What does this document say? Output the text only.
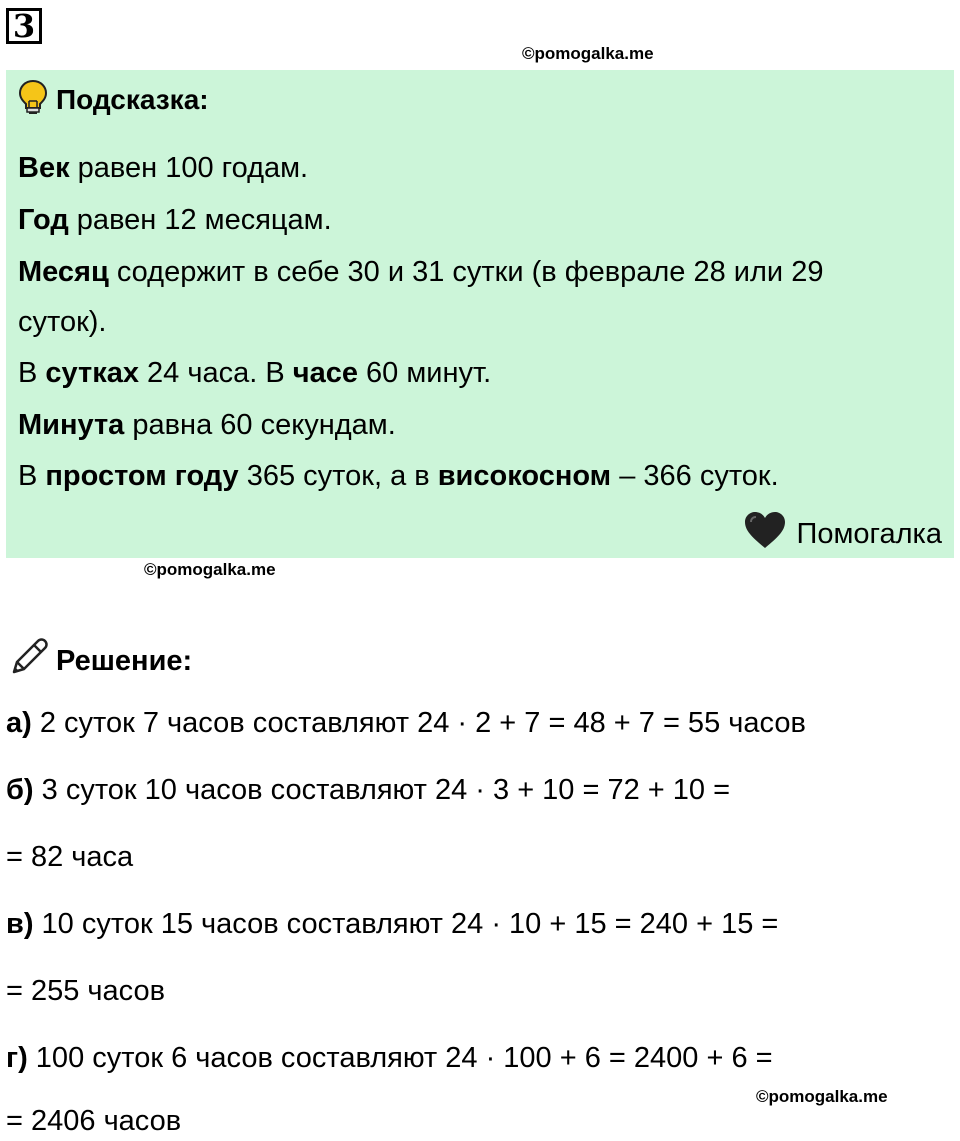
3
©pomogalka.me
Подсказка:
Век равен 100 годам.
Год равен 12 месяцам.
Месяц содержит в себе 30 и 31 сутки (в феврале 28 или 29
суток).
В сутках 24 часа. В часе 60 минут.
Минута равна 60 секундам.
В простом году 365 суток, а в високосном – 366 суток.
Помогалка
©pomogalka.me
Решение:
а) 2 суток 7 часов составляют 24 · 2 + 7 = 48 + 7 = 55 часов
б) 3 суток 10 часов составляют 24 · 3 + 10 = 72 + 10 =
= 82 часа
в) 10 суток 15 часов составляют 24 · 10 + 15 = 240 + 15 =
= 255 часов
г) 100 суток 6 часов составляют 24 · 100 + 6 = 2400 + 6 =
= 2406 часов
©pomogalka.me
